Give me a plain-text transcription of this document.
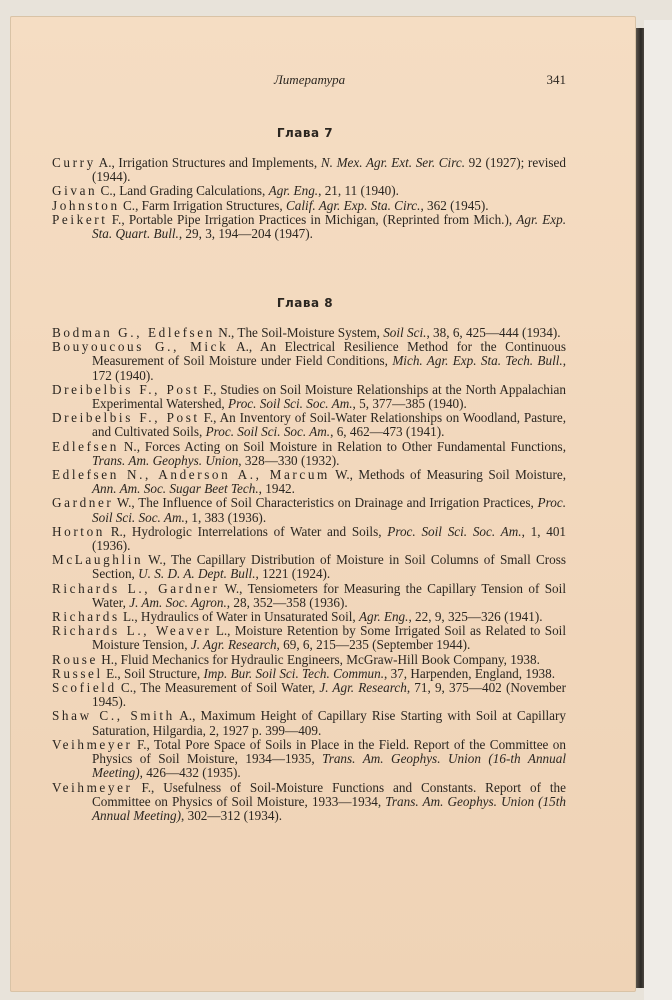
Литература	341
Глава 7

Curry A., Irrigation Structures and Implements, N. Mex. Agr. Ext. Ser. Circ. 92 (1927); revised (1944).

Givan C., Land Grading Calculations, Agr. Eng., 21, 11 (1940).

Johnston C., Farm Irrigation Structures, Calif. Agr. Exp. Sta. Circ., 362 (1945).

Peikert F., Portable Pipe Irrigation Practices in Michigan, (Reprinted from Mich.), Agr. Exp. Sta. Quart. Bull., 29, 3, 194—204 (1947).

Глава 8

Bodman G., Edlefsen N., The Soil-Moisture System, Soil Sci., 38, 6, 425—444 (1934).

Bouyoucous G., Mick A., An Electrical Resilience Method for the Continuous Measurement of Soil Moisture under Field Conditions, Mich. Agr. Exp. Sta. Tech. Bull., 172 (1940).

Dreibelbis F., Post F., Studies on Soil Moisture Relationships at the North Appalachian Experimental Watershed, Proc. Soil Sci. Soc. Am., 5, 377—385 (1940).

Dreibelbis F., Post F., An Inventory of Soil-Water Relationships on Woodland, Pasture, and Cultivated Soils, Proc. Soil Sci. Soc. Am., 6, 462—473 (1941).

Edlefsen N., Forces Acting on Soil Moisture in Relation to Other Fundamental Functions, Trans. Am. Geophys. Union, 328—330 (1932).

Edlefsen N., Anderson A., Marcum W., Methods of Measuring Soil Moisture, Ann. Am. Soc. Sugar Beet Tech., 1942.

Gardner W., The Influence of Soil Characteristics on Drainage and Irrigation Practices, Proc. Soil Sci. Soc. Am., 1, 383 (1936).

Horton R., Hydrologic Interrelations of Water and Soils, Proc. Soil Sci. Soc. Am., 1, 401 (1936).

McLaughlin W., The Capillary Distribution of Moisture in Soil Columns of Small Cross Section, U. S. D. A. Dept. Bull., 1221 (1924).

Richards L., Gardner W., Tensiometers for Measuring the Capillary Tension of Soil Water, J. Am. Soc. Agron., 28, 352—358 (1936).

Richards L., Hydraulics of Water in Unsaturated Soil, Agr. Eng., 22, 9, 325—326 (1941).

Richards L., Weaver L., Moisture Retention by Some Irrigated Soil as Related to Soil Moisture Tension, J. Agr. Research, 69, 6, 215—235 (September 1944).

Rouse H., Fluid Mechanics for Hydraulic Engineers, McGraw-Hill Book Company, 1938.

Russel E., Soil Structure, Imp. Bur. Soil Sci. Tech. Commun., 37, Harpenden, England, 1938.

Scofield C., The Measurement of Soil Water, J. Agr. Research, 71, 9, 375—402 (November 1945).

Shaw C., Smith A., Maximum Height of Capillary Rise Starting with Soil at Capillary Saturation, Hilgardia, 2, 1927 p. 399—409.

Veihmeyer F., Total Pore Space of Soils in Place in the Field. Report of the Committee on Physics of Soil Moisture, 1934—1935, Trans. Am. Geophys. Union (16-th Annual Meeting), 426—432 (1935).

Veihmeyer F., Usefulness of Soil-Moisture Functions and Constants. Report of the Committee on Physics of Soil Moisture, 1933—1934, Trans. Am. Geophys. Union (15th Annual Meeting), 302—312 (1934).
